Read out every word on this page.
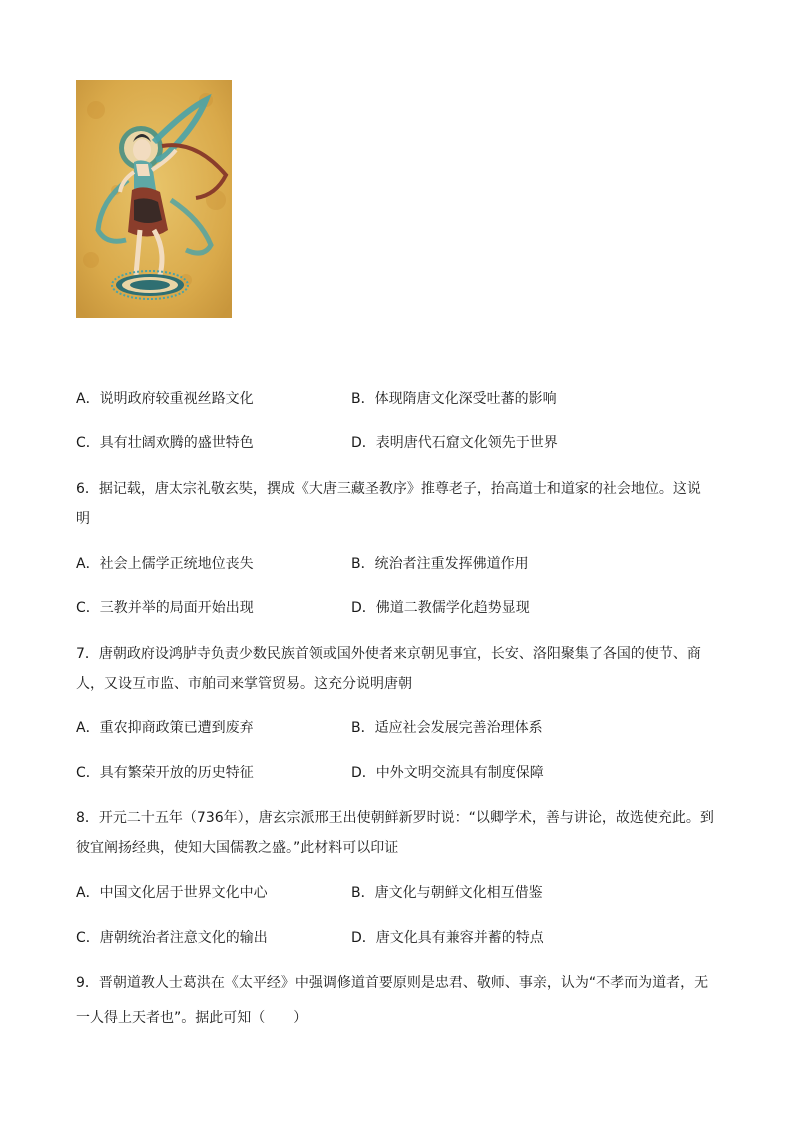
A．说明政府较重视丝路文化	B．体现隋唐文化深受吐蕃的影响
C．具有壮阔欢腾的盛世特色	D．表明唐代石窟文化领先于世界
6．据记载，唐太宗礼敬玄奘，撰成《大唐三藏圣教序》推尊老子，抬高道士和道家的社会地位。这说
明
A．社会上儒学正统地位丧失	B．统治者注重发挥佛道作用
C．三教并举的局面开始出现	D．佛道二教儒学化趋势显现
7．唐朝政府设鸿胪寺负责少数民族首领或国外使者来京朝见事宜，长安、洛阳聚集了各国的使节、商
人，又设互市监、市舶司来掌管贸易。这充分说明唐朝
A．重农抑商政策已遭到废弃	B．适应社会发展完善治理体系
C．具有繁荣开放的历史特征	D．中外文明交流具有制度保障
8．开元二十五年（736年），唐玄宗派邢王出使朝鲜新罗时说：“以卿学术，善与讲论，故选使充此。到
彼宜阐扬经典，使知大国儒教之盛。”此材料可以印证
A．中国文化居于世界文化中心	B．唐文化与朝鲜文化相互借鉴
C．唐朝统治者注意文化的输出	D．唐文化具有兼容并蓄的特点
9．晋朝道教人士葛洪在《太平经》中强调修道首要原则是忠君、敬师、事亲，认为“不孝而为道者，无
一人得上天者也”。据此可知（　　）
